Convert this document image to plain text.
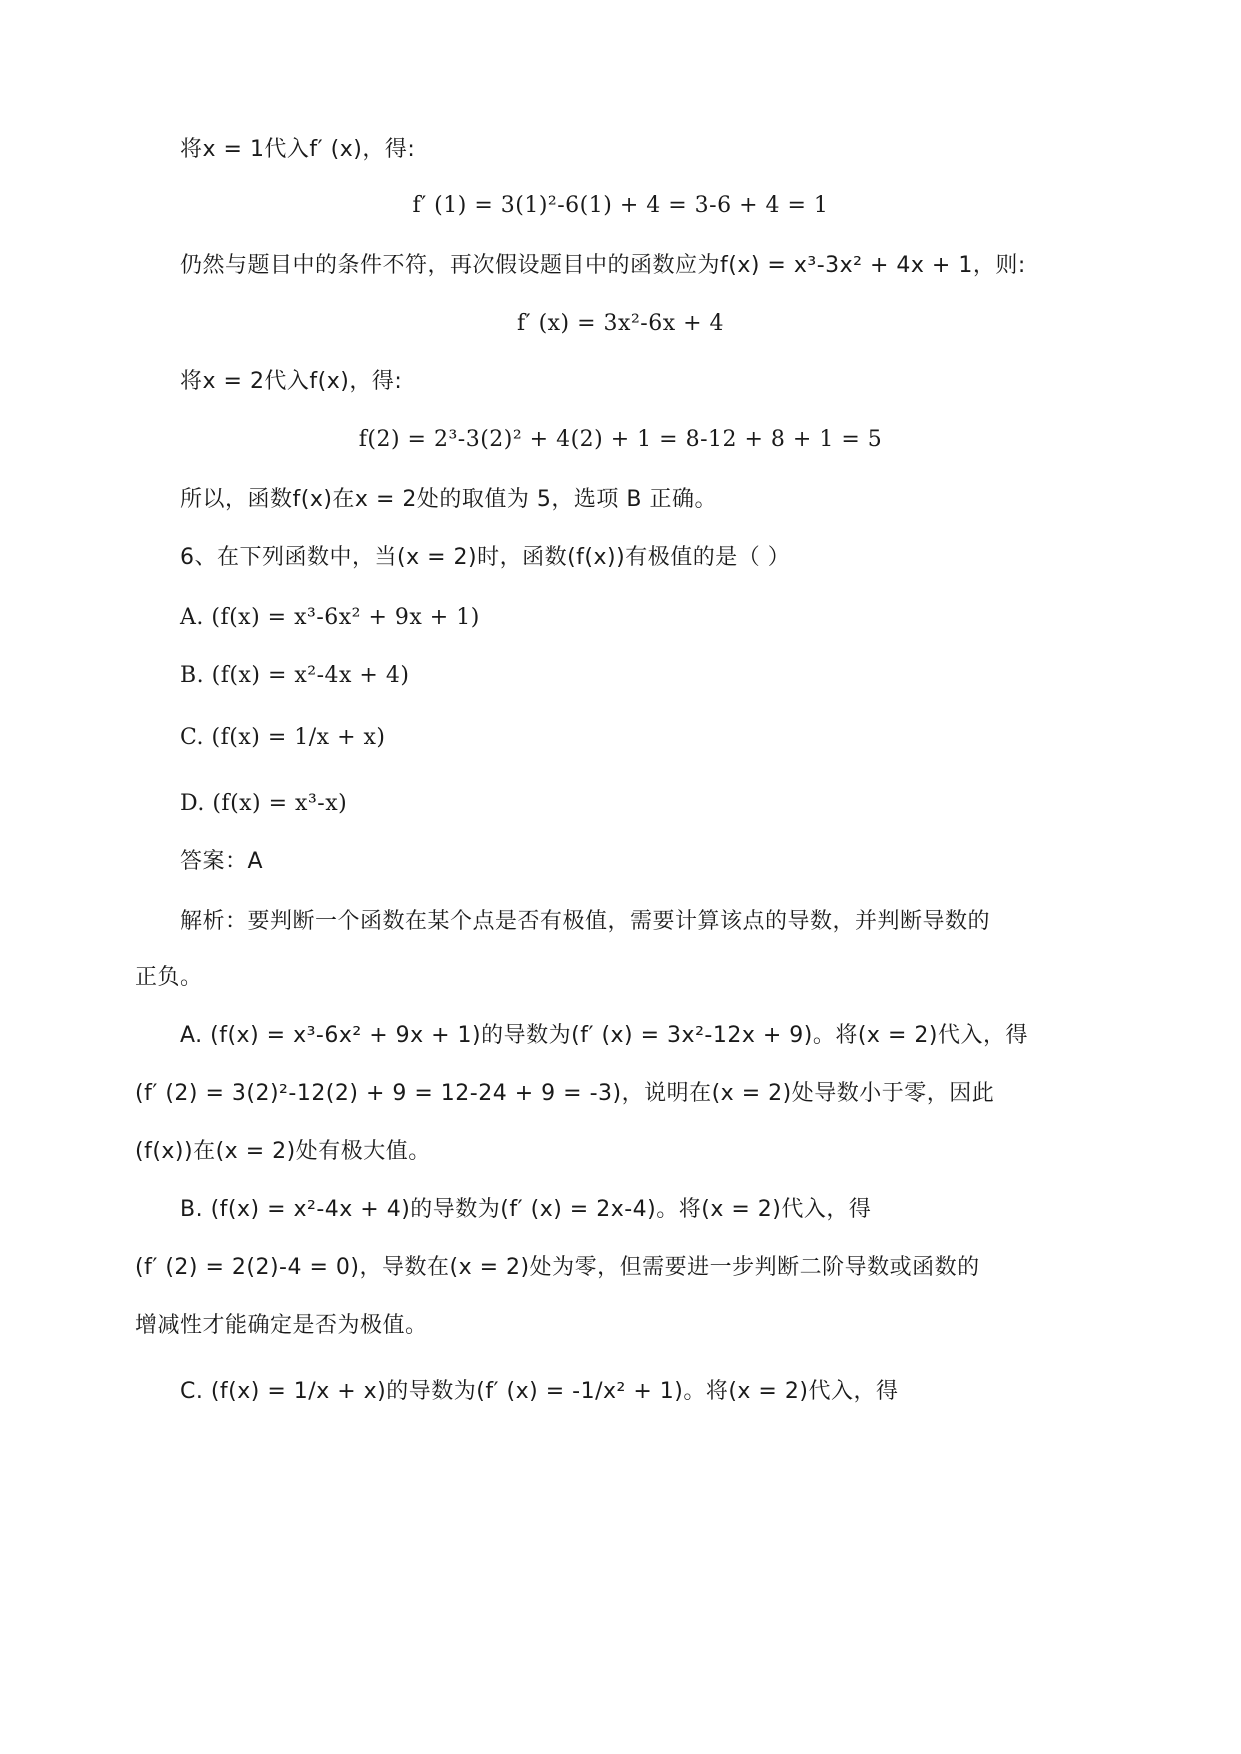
将x = 1代入f′ (x)，得:
f′ (1) = 3(1)²-6(1) + 4 = 3-6 + 4 = 1
仍然与题目中的条件不符，再次假设题目中的函数应为f(x) = x³-3x² + 4x + 1，则:
f′ (x) = 3x²-6x + 4
将x = 2代入f(x)，得:
f(2) = 2³-3(2)² + 4(2) + 1 = 8-12 + 8 + 1 = 5
所以，函数f(x)在x = 2处的取值为 5，选项 B 正确。
6、在下列函数中，当(x = 2)时，函数(f(x))有极值的是（ ）
A. (f(x) = x³-6x² + 9x + 1)
B. (f(x) = x²-4x + 4)
C. (f(x) = 1/x + x)
D. (f(x) = x³-x)
答案：A
解析：要判断一个函数在某个点是否有极值，需要计算该点的导数，并判断导数的
正负。
A. (f(x) = x³-6x² + 9x + 1)的导数为(f′ (x) = 3x²-12x + 9)。将(x = 2)代入，得
(f′ (2) = 3(2)²-12(2) + 9 = 12-24 + 9 = -3)，说明在(x = 2)处导数小于零，因此
(f(x))在(x = 2)处有极大值。
B. (f(x) = x²-4x + 4)的导数为(f′ (x) = 2x-4)。将(x = 2)代入，得
(f′ (2) = 2(2)-4 = 0)，导数在(x = 2)处为零，但需要进一步判断二阶导数或函数的
增减性才能确定是否为极值。
C. (f(x) = 1/x + x)的导数为(f′ (x) = -1/x² + 1)。将(x = 2)代入，得
